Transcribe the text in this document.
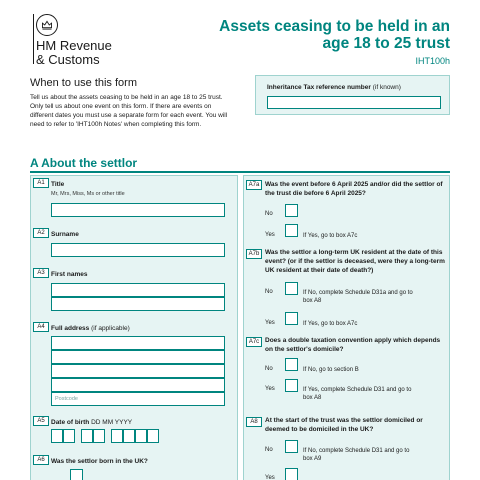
HM Revenue
& Customs
Assets ceasing to be held in an age 18 to 25 trust
IHT100h
When to use this form
Tell us about the assets ceasing to be held in an age 18 to 25 trust. Only tell us about one event on this form. If there are events on different dates you must use a separate form for each event. You will need to refer to 'IHT100h Notes' when completing this form.
Inheritance Tax reference number (if known)
A About the settlor
A1 Title
Mr, Mrs, Miss, Ms or other title
A2 Surname
A3 First names
A4 Full address (if applicable)
Postcode
A5 Date of birth DD MM YYYY
A6 Was the settlor born in the UK?
A7a Was the event before 6 April 2025 and/or did the settlor of the trust die before 6 April 2025?
No
Yes	If Yes, go to box A7c
A7b Was the settlor a long-term UK resident at the date of this event? (or if the settlor is deceased, were they a long-term UK resident at their date of death?)
No	If No, complete Schedule D31a and go to box A8
Yes	If Yes, go to box A7c
A7c Does a double taxation convention apply which depends on the settlor's domicile?
No	If No, go to section B
Yes	If Yes, complete Schedule D31 and go to box A8
A8	At the start of the trust was the settlor domiciled or deemed to be domiciled in the UK?
No	If No, complete Schedule D31 and go to box A9
Yes
